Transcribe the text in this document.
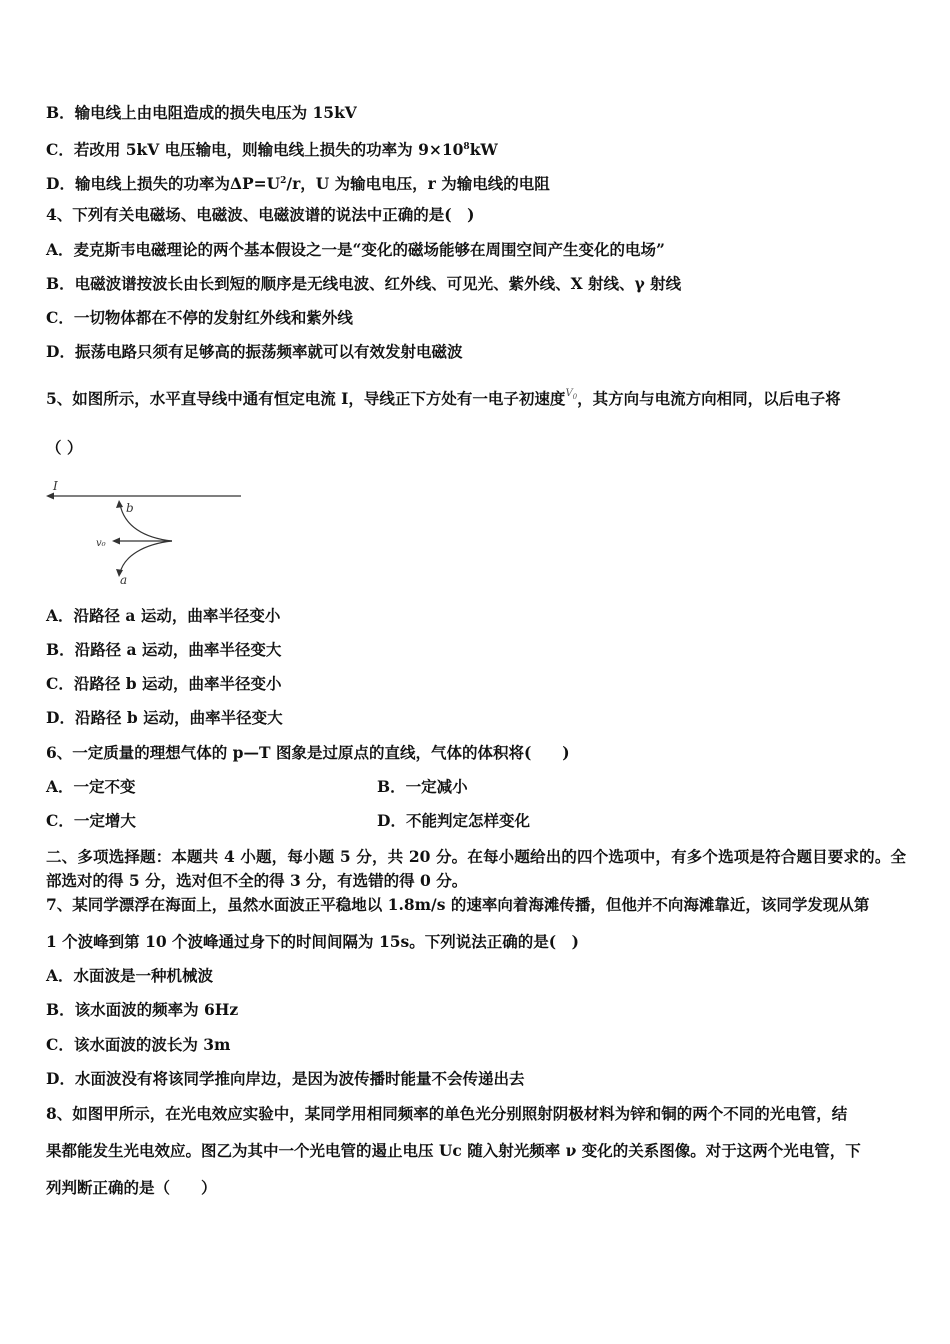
B．输电线上由电阻造成的损失电压为 15kV
C．若改用 5kV 电压输电，则输电线上损失的功率为 $9\times 10^8kW$
D．输电线上损失的功率为$\Delta P=U^2/r$，U 为输电电压，r 为输电线的电阻
4、下列有关电磁场、电磁波、电磁波谱的说法中正确的是(　)
A．麦克斯韦电磁理论的两个基本假设之一是“变化的磁场能够在周围空间产生变化的电场”
B．电磁波谱按波长由长到短的顺序是无线电波、红外线、可见光、紫外线、X 射线、γ 射线
C．一切物体都在不停的发射红外线和紫外线
D．振荡电路只须有足够高的振荡频率就可以有效发射电磁波
5、如图所示，水平直导线中通有恒定电流 I，导线正下方处有一电子初速度$^{V_0}$，其方向与电流方向相同，以后电子将
（ ）
I
b
v₀
a
A．沿路径 a 运动，曲率半径变小
B．沿路径 a 运动，曲率半径变大
C．沿路径 b 运动，曲率半径变小
D．沿路径 b 运动，曲率半径变大
6、一定质量的理想气体的 p—T 图象是过原点的直线，气体的体积将(　　)
A．一定不变	B．一定减小
C．一定增大	D．不能判定怎样变化
二、多项选择题：本题共 4 小题，每小题 5 分，共 20 分。在每小题给出的四个选项中，有多个选项是符合题目要求的。全部选对的得 5 分，选对但不全的得 3 分，有选错的得 0 分。
7、某同学漂浮在海面上，虽然水面波正平稳地以 1.8m/s 的速率向着海滩传播，但他并不向海滩靠近，该同学发现从第
1 个波峰到第 10 个波峰通过身下的时间间隔为 15s。下列说法正确的是(　)
A．水面波是一种机械波
B．该水面波的频率为 6Hz
C．该水面波的波长为 3m
D．水面波没有将该同学推向岸边，是因为波传播时能量不会传递出去
8、如图甲所示，在光电效应实验中，某同学用相同频率的单色光分别照射阴极材料为锌和铜的两个不同的光电管，结
果都能发生光电效应。图乙为其中一个光电管的遏止电压 Uc 随入射光频率 ν 变化的关系图像。对于这两个光电管，下
列判断正确的是（　　）
